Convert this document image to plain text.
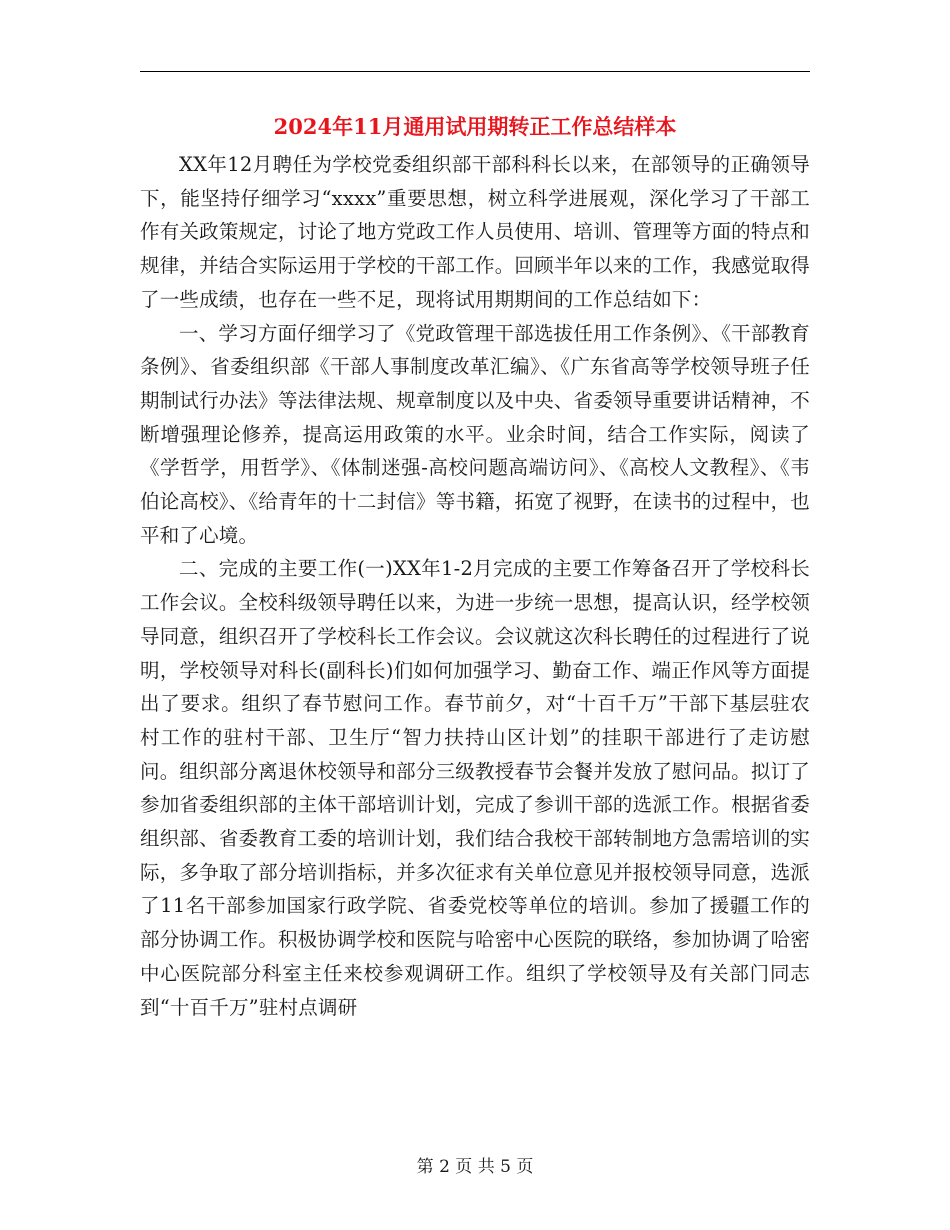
2024年11月通用试用期转正工作总结样本

XX年12月聘任为学校党委组织部干部科科长以来，在部领导的正确领导下，能坚持仔细学习“xxxx”重要思想，树立科学进展观，深化学习了干部工作有关政策规定，讨论了地方党政工作人员使用、培训、管理等方面的特点和规律，并结合实际运用于学校的干部工作。回顾半年以来的工作，我感觉取得了一些成绩，也存在一些不足，现将试用期期间的工作总结如下：

一、学习方面仔细学习了《党政管理干部选拔任用工作条例》、《干部教育条例》、省委组织部《干部人事制度改革汇编》、《广东省高等学校领导班子任期制试行办法》等法律法规、规章制度以及中央、省委领导重要讲话精神，不断增强理论修养，提高运用政策的水平。业余时间，结合工作实际，阅读了《学哲学，用哲学》、《体制迷强-高校问题高端访问》、《高校人文教程》、《韦伯论高校》、《给青年的十二封信》等书籍，拓宽了视野，在读书的过程中，也平和了心境。

二、完成的主要工作(一)XX年1-2月完成的主要工作筹备召开了学校科长工作会议。全校科级领导聘任以来，为进一步统一思想，提高认识，经学校领导同意，组织召开了学校科长工作会议。会议就这次科长聘任的过程进行了说明，学校领导对科长(副科长)们如何加强学习、勤奋工作、端正作风等方面提出了要求。组织了春节慰问工作。春节前夕，对“十百千万”干部下基层驻农村工作的驻村干部、卫生厅“智力扶持山区计划”的挂职干部进行了走访慰问。组织部分离退休校领导和部分三级教授春节会餐并发放了慰问品。拟订了参加省委组织部的主体干部培训计划，完成了参训干部的选派工作。根据省委组织部、省委教育工委的培训计划，我们结合我校干部转制地方急需培训的实际，多争取了部分培训指标，并多次征求有关单位意见并报校领导同意，选派了11名干部参加国家行政学院、省委党校等单位的培训。参加了援疆工作的部分协调工作。积极协调学校和医院与哈密中心医院的联络，参加协调了哈密中心医院部分科室主任来校参观调研工作。组织了学校领导及有关部门同志到“十百千万”驻村点调研

第 2 页 共 5 页
